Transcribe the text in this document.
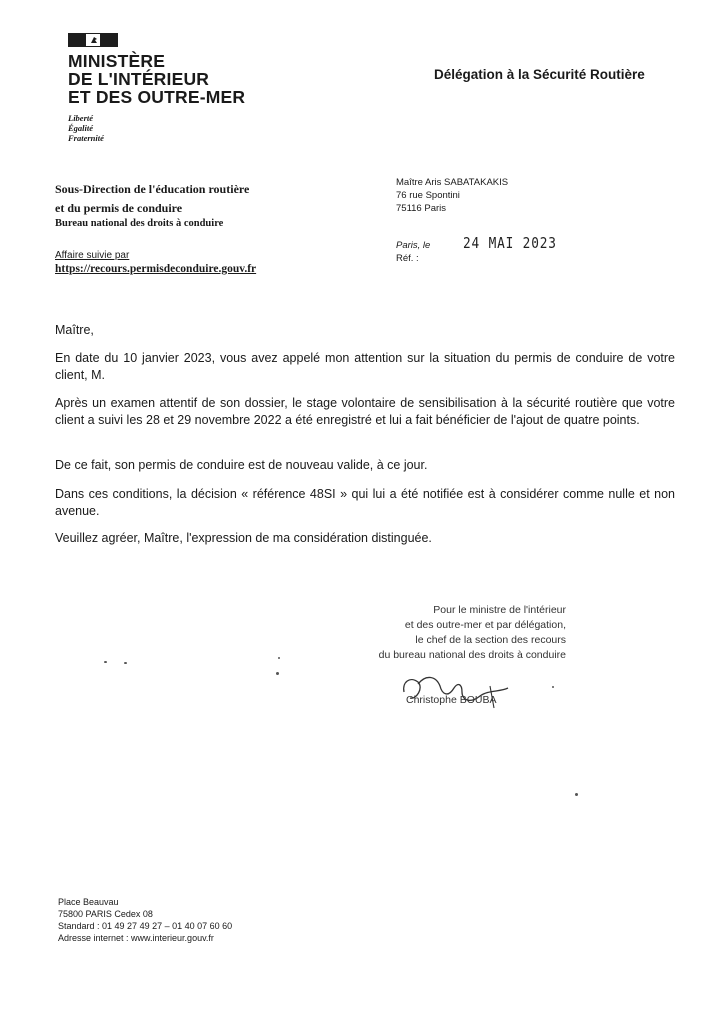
MINISTÈRE
DE L'INTÉRIEUR
ET DES OUTRE-MER
Liberté
Égalité
Fraternité
Délégation à la Sécurité Routière
Sous-Direction de l'éducation routière
et du permis de conduire
Bureau national des droits à conduire
Affaire suivie par
https://recours.permisdeconduire.gouv.fr
Maître Aris SABATAKAKIS
76 rue Spontini
75116 Paris
Paris, le 24 MAI 2023
Réf. :
Maître,
En date du 10 janvier 2023, vous avez appelé mon attention sur la situation du permis de conduire de votre client, M.
Après un examen attentif de son dossier, le stage volontaire de sensibilisation à la sécurité routière que votre client a suivi les 28 et 29 novembre 2022 a été enregistré et lui a fait bénéficier de l'ajout de quatre points.
De ce fait, son permis de conduire est de nouveau valide, à ce jour.
Dans ces conditions, la décision « référence 48SI » qui lui a été notifiée est à considérer comme nulle et non avenue.
Veuillez agréer, Maître, l'expression de ma considération distinguée.
Pour le ministre de l'intérieur
et des outre-mer et par délégation,
le chef de la section des recours
du bureau national des droits à conduire
Christophe BOUBA
Place Beauvau
75800 PARIS Cedex 08
Standard : 01 49 27 49 27 – 01 40 07 60 60
Adresse internet : www.interieur.gouv.fr
